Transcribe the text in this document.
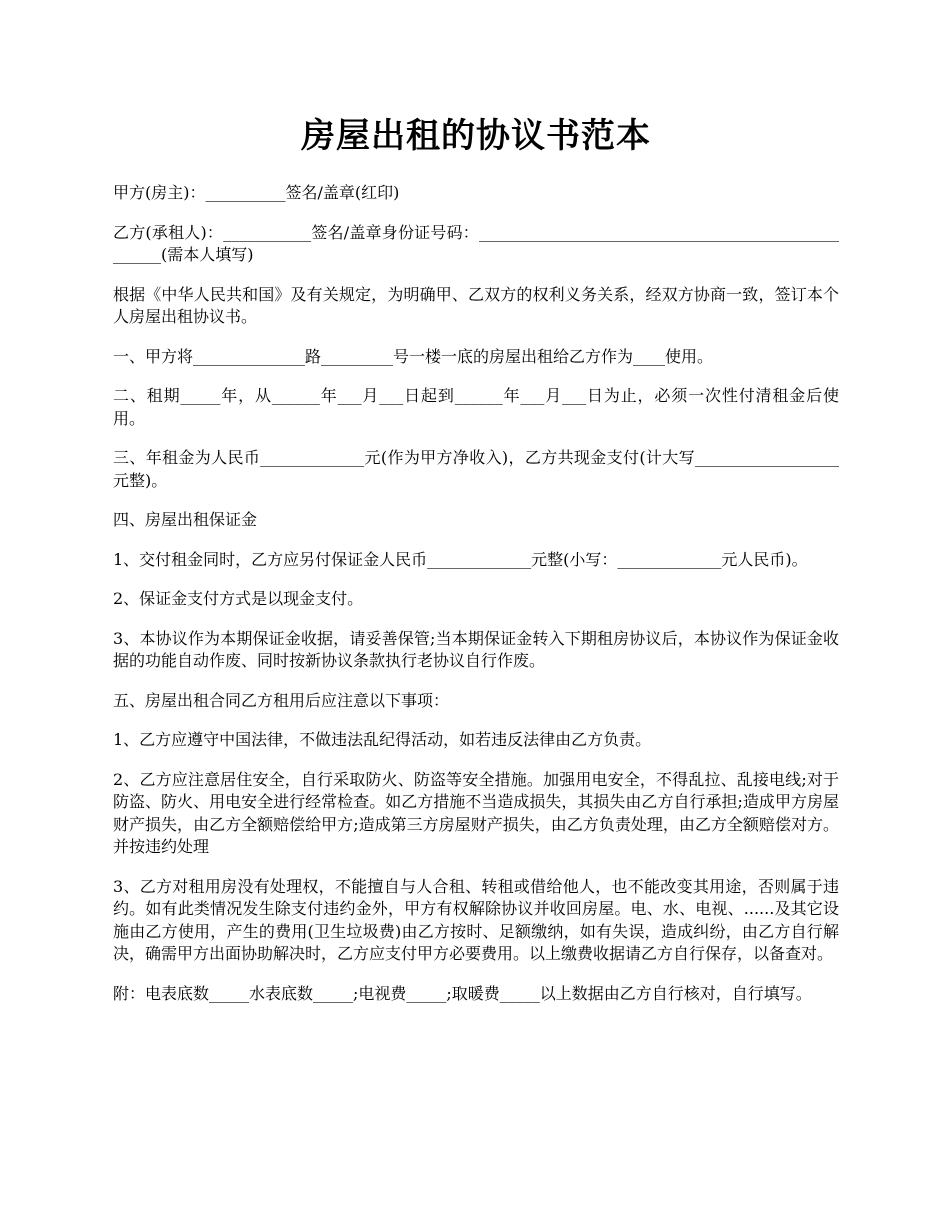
房屋出租的协议书范本

甲方(房主)：__________签名/盖章(红印)

乙方(承租人)：___________签名/盖章身份证号码：___________________________________________________(需本人填写)

根据《中华人民共和国》及有关规定，为明确甲、乙双方的权利义务关系，经双方协商一致，签订本个人房屋出租协议书。

一、甲方将______________路_________号一楼一底的房屋出租给乙方作为____使用。

二、租期_____年，从______年___月___日起到______年___月___日为止，必须一次性付清租金后使用。

三、年租金为人民币_____________元(作为甲方净收入)，乙方共现金支付(计大写__________________元整)。

四、房屋出租保证金

1、交付租金同时，乙方应另付保证金人民币_____________元整(小写：_____________元人民币)。

2、保证金支付方式是以现金支付。

3、本协议作为本期保证金收据，请妥善保管;当本期保证金转入下期租房协议后，本协议作为保证金收据的功能自动作废、同时按新协议条款执行老协议自行作废。

五、房屋出租合同乙方租用后应注意以下事项：

1、乙方应遵守中国法律，不做违法乱纪得活动，如若违反法律由乙方负责。

2、乙方应注意居住安全，自行采取防火、防盗等安全措施。加强用电安全，不得乱拉、乱接电线;对于防盗、防火、用电安全进行经常检查。如乙方措施不当造成损失，其损失由乙方自行承担;造成甲方房屋财产损失，由乙方全额赔偿给甲方;造成第三方房屋财产损失，由乙方负责处理，由乙方全额赔偿对方。并按违约处理

3、乙方对租用房没有处理权，不能擅自与人合租、转租或借给他人，也不能改变其用途，否则属于违约。如有此类情况发生除支付违约金外，甲方有权解除协议并收回房屋。电、水、电视、......及其它设施由乙方使用，产生的费用(卫生垃圾费)由乙方按时、足额缴纳，如有失误，造成纠纷，由乙方自行解决，确需甲方出面协助解决时，乙方应支付甲方必要费用。以上缴费收据请乙方自行保存，以备查对。

附：电表底数_____水表底数_____;电视费_____;取暖费_____以上数据由乙方自行核对，自行填写。
